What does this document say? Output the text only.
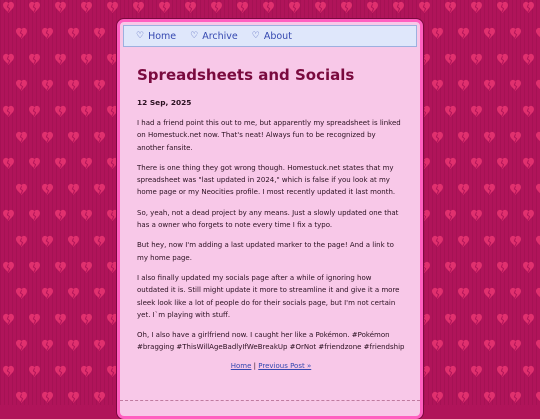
♡ Home ♡ Archive ♡ About
Spreadsheets and Socials
12 Sep, 2025

I had a friend point this out to me, but apparently my spreadsheet is linked on Homestuck.net now. That's neat! Always fun to be recognized by another fansite.

There is one thing they got wrong though. Homestuck.net states that my spreadsheet was "last updated in 2024," which is false if you look at my home page or my Neocities profile. I most recently updated it last month.

So, yeah, not a dead project by any means. Just a slowly updated one that has a owner who forgets to note every time I fix a typo.

But hey, now I'm adding a last updated marker to the page! And a link to my home page.

I also finally updated my socials page after a while of ignoring how outdated it is. Still might update it more to streamline it and give it a more sleek look like a lot of people do for their socials page, but I'm not certain yet. I`m playing with stuff.

Oh, I also have a girlfriend now. I caught her like a Pokémon. #Pokémon #bragging #ThisWillAgeBadlyIfWeBreakUp #OrNot #friendzone #friendship

Home | Previous Post »
